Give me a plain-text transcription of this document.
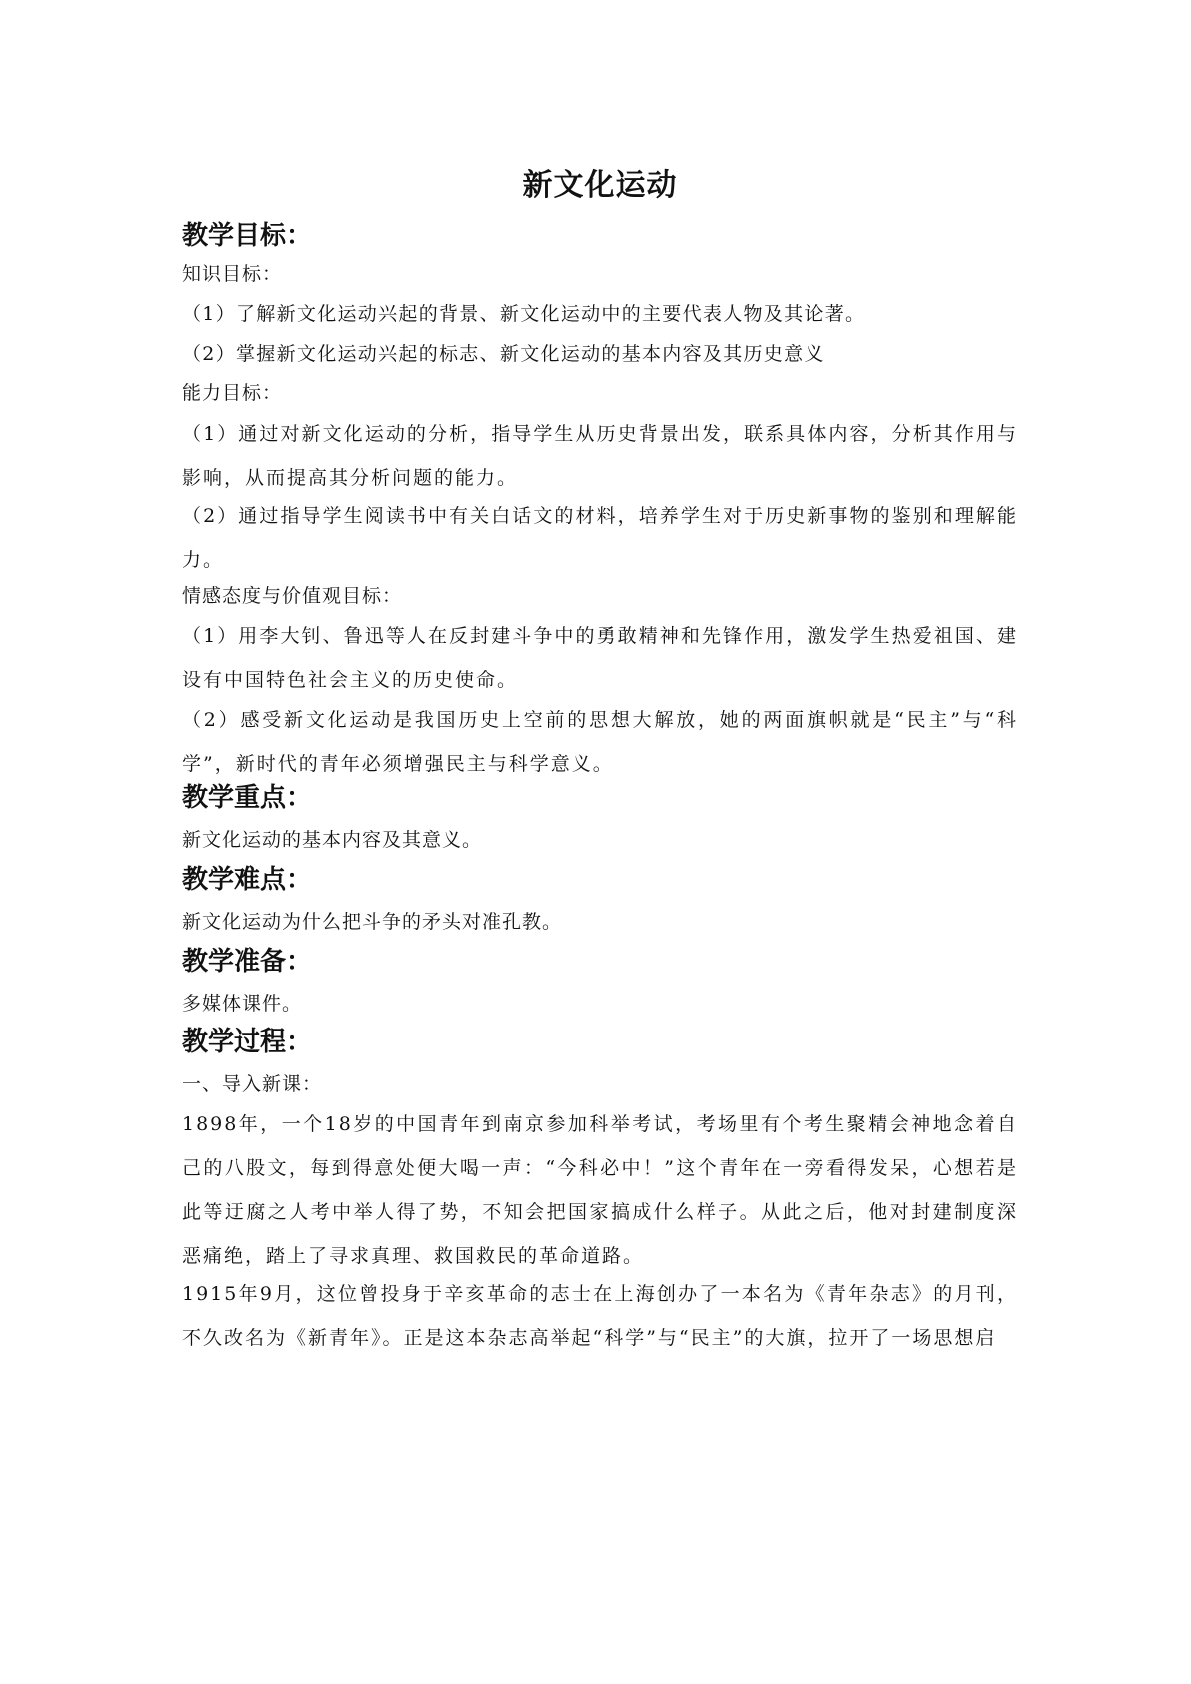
新文化运动
教学目标：

知识目标：

（1）了解新文化运动兴起的背景、新文化运动中的主要代表人物及其论著。

（2）掌握新文化运动兴起的标志、新文化运动的基本内容及其历史意义

能力目标：

（1）通过对新文化运动的分析，指导学生从历史背景出发，联系具体内容，分析其作用与影响，从而提高其分析问题的能力。

（2）通过指导学生阅读书中有关白话文的材料，培养学生对于历史新事物的鉴别和理解能力。

情感态度与价值观目标：

（1）用李大钊、鲁迅等人在反封建斗争中的勇敢精神和先锋作用，激发学生热爱祖国、建设有中国特色社会主义的历史使命。

（2）感受新文化运动是我国历史上空前的思想大解放，她的两面旗帜就是“民主”与“科学”，新时代的青年必须增强民主与科学意义。

教学重点：

新文化运动的基本内容及其意义。

教学难点：

新文化运动为什么把斗争的矛头对准孔教。

教学准备：

多媒体课件。

教学过程：

一、导入新课：

1898年，一个18岁的中国青年到南京参加科举考试，考场里有个考生聚精会神地念着自己的八股文，每到得意处便大喝一声：“今科必中！”这个青年在一旁看得发呆，心想若是此等迂腐之人考中举人得了势，不知会把国家搞成什么样子。从此之后，他对封建制度深恶痛绝，踏上了寻求真理、救国救民的革命道路。

1915年9月，这位曾投身于辛亥革命的志士在上海创办了一本名为《青年杂志》的月刊，不久改名为《新青年》。正是这本杂志高举起“科学”与“民主”的大旗，拉开了一场思想启
